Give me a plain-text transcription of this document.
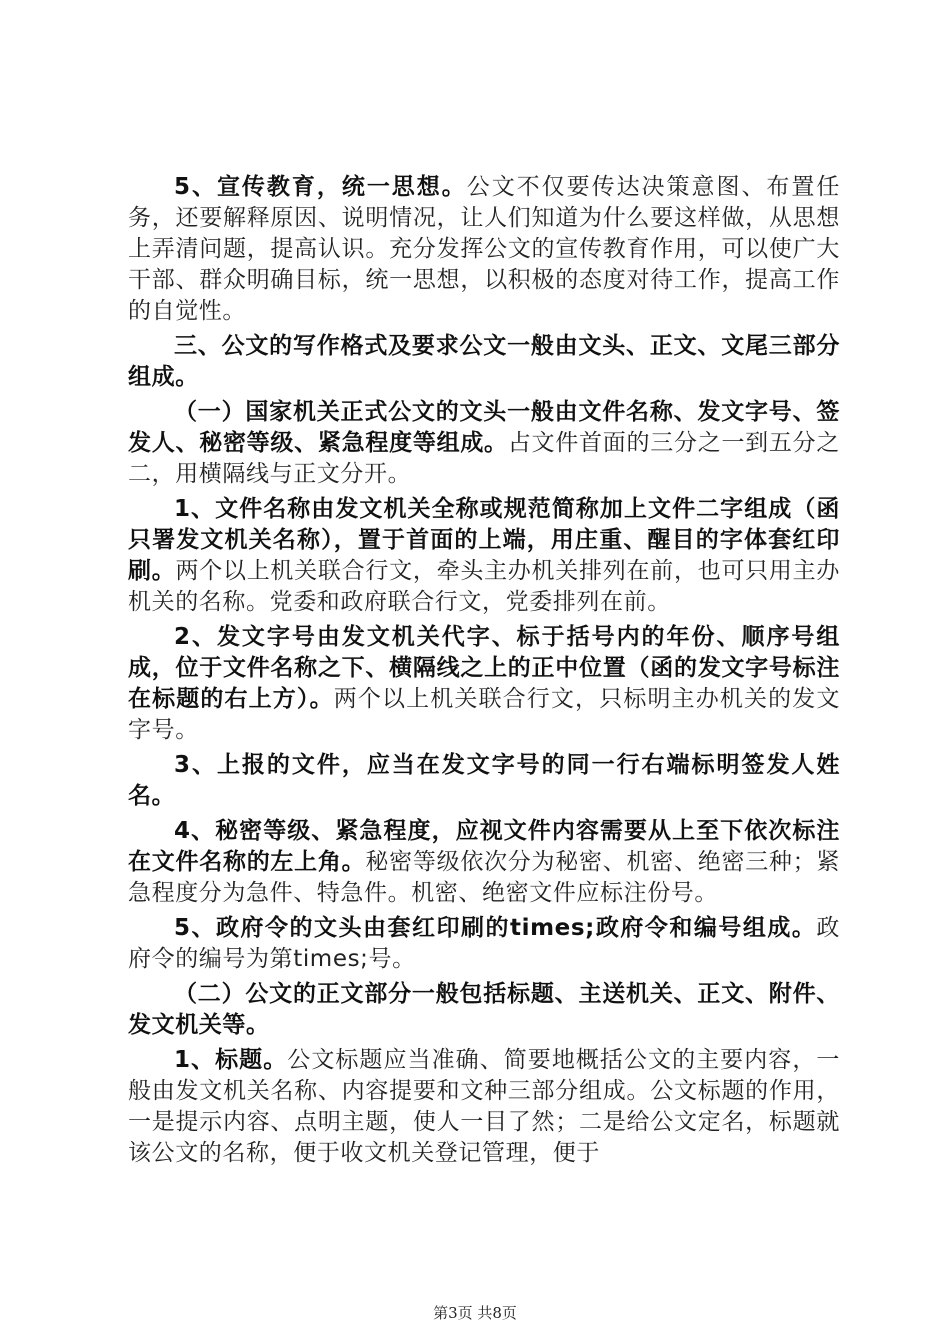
5、宣传教育，统一思想。公文不仅要传达决策意图、布置任务，还要解释原因、说明情况，让人们知道为什么要这样做，从思想上弄清问题，提高认识。充分发挥公文的宣传教育作用，可以使广大干部、群众明确目标，统一思想，以积极的态度对待工作，提高工作的自觉性。

三、公文的写作格式及要求公文一般由文头、正文、文尾三部分组成。

（一）国家机关正式公文的文头一般由文件名称、发文字号、签发人、秘密等级、紧急程度等组成。占文件首面的三分之一到五分之二，用横隔线与正文分开。

1、文件名称由发文机关全称或规范简称加上文件二字组成（函只署发文机关名称），置于首面的上端，用庄重、醒目的字体套红印刷。两个以上机关联合行文，牵头主办机关排列在前，也可只用主办机关的名称。党委和政府联合行文，党委排列在前。

2、发文字号由发文机关代字、标于括号内的年份、顺序号组成，位于文件名称之下、横隔线之上的正中位置（函的发文字号标注在标题的右上方）。两个以上机关联合行文，只标明主办机关的发文字号。

3、上报的文件，应当在发文字号的同一行右端标明签发人姓名。

4、秘密等级、紧急程度，应视文件内容需要从上至下依次标注在文件名称的左上角。秘密等级依次分为秘密、机密、绝密三种；紧急程度分为急件、特急件。机密、绝密文件应标注份号。

5、政府令的文头由套红印刷的times;政府令和编号组成。政府令的编号为第times;号。

（二）公文的正文部分一般包括标题、主送机关、正文、附件、发文机关等。

1、标题。公文标题应当准确、简要地概括公文的主要内容，一般由发文机关名称、内容提要和文种三部分组成。公文标题的作用，一是提示内容、点明主题，使人一目了然；二是给公文定名，标题就该公文的名称，便于收文机关登记管理，便于

第3页 共8页
